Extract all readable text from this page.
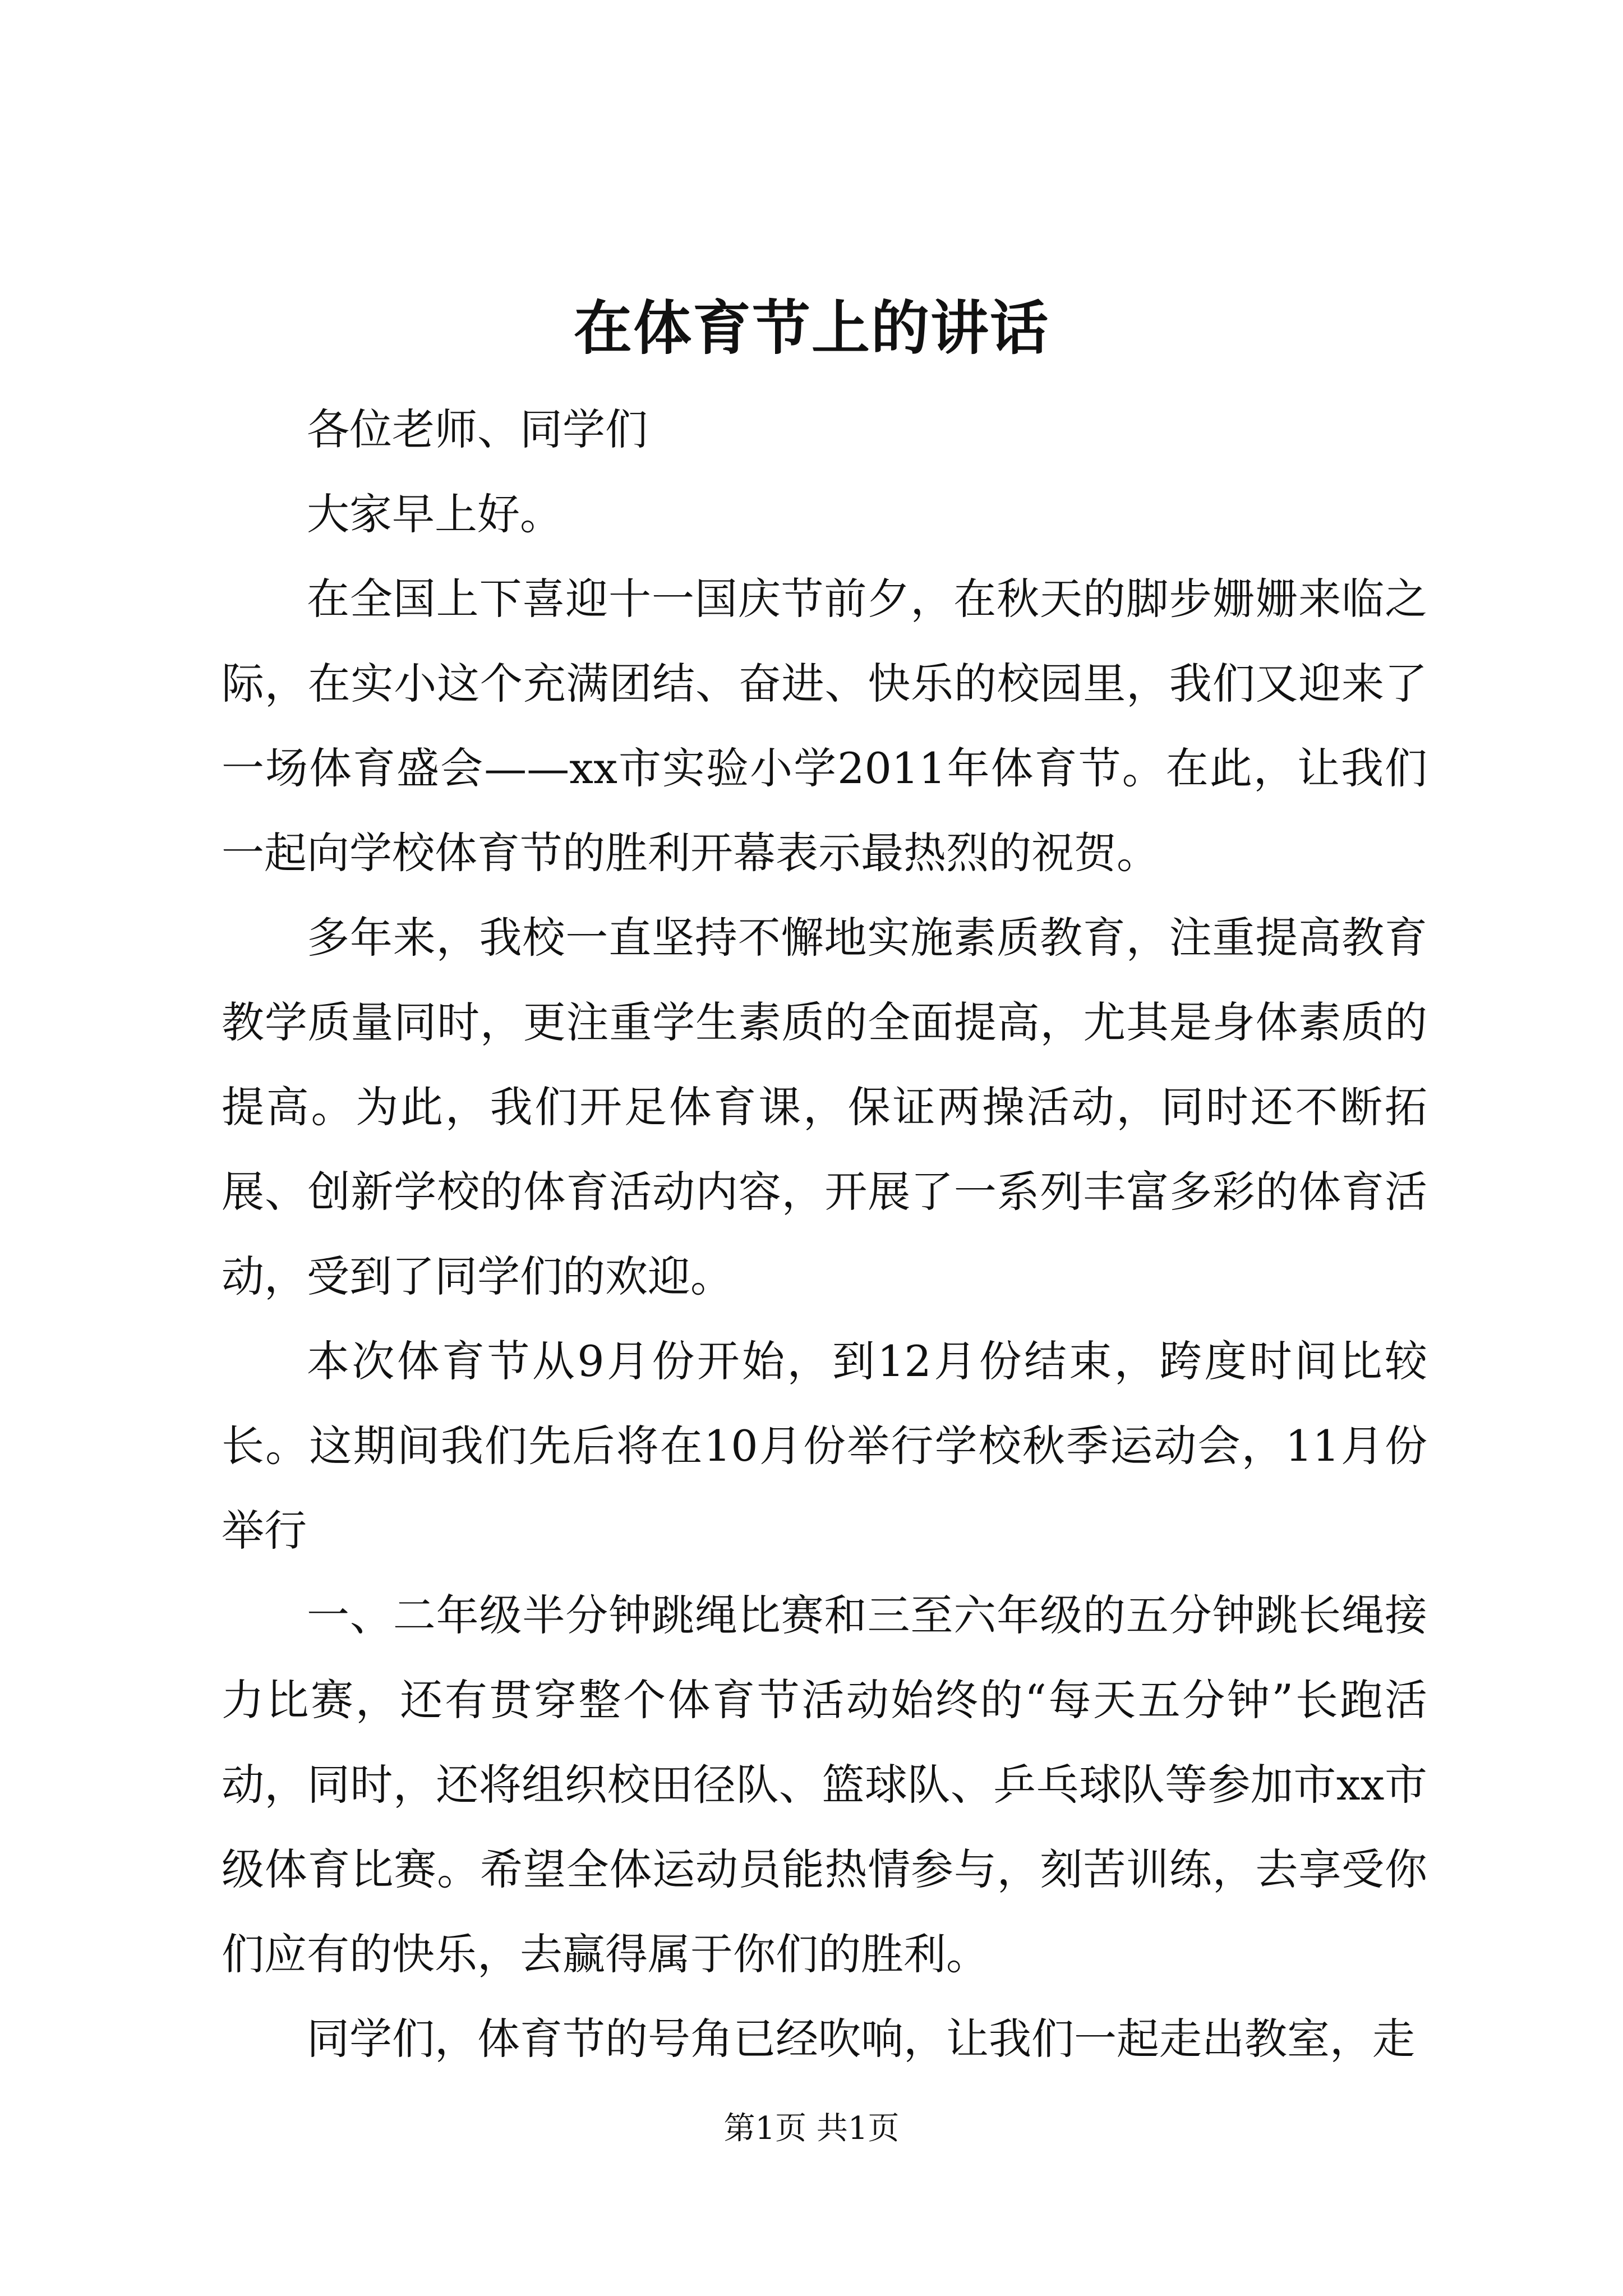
在体育节上的讲话

各位老师、同学们

大家早上好。

在全国上下喜迎十一国庆节前夕，在秋天的脚步姗姗来临之际，在实小这个充满团结、奋进、快乐的校园里，我们又迎来了一场体育盛会——xx市实验小学2011年体育节。在此，让我们一起向学校体育节的胜利开幕表示最热烈的祝贺。

多年来，我校一直坚持不懈地实施素质教育，注重提高教育教学质量同时，更注重学生素质的全面提高，尤其是身体素质的提高。为此，我们开足体育课，保证两操活动，同时还不断拓展、创新学校的体育活动内容，开展了一系列丰富多彩的体育活动，受到了同学们的欢迎。

本次体育节从9月份开始，到12月份结束，跨度时间比较长。这期间我们先后将在10月份举行学校秋季运动会，11月份举行

一、二年级半分钟跳绳比赛和三至六年级的五分钟跳长绳接力比赛，还有贯穿整个体育节活动始终的“每天五分钟”长跑活动，同时，还将组织校田径队、篮球队、乒乓球队等参加市xx市级体育比赛。希望全体运动员能热情参与，刻苦训练，去享受你们应有的快乐，去赢得属于你们的胜利。

同学们，体育节的号角已经吹响，让我们一起走出教室，走

第1页 共1页
